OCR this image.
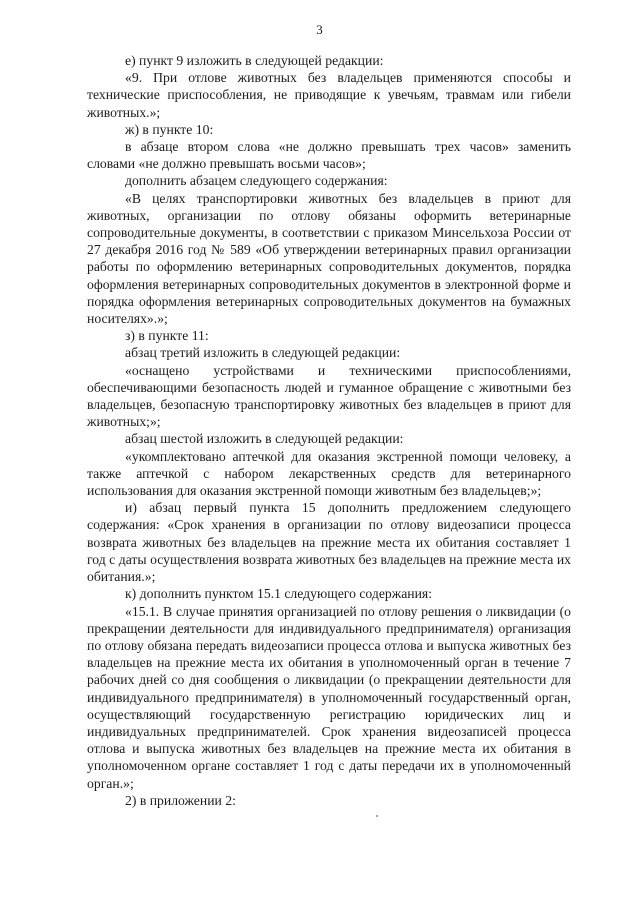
3

е) пункт 9 изложить в следующей редакции:

«9. При отлове животных без владельцев применяются способы и технические приспособления, не приводящие к увечьям, травмам или гибели животных.»;

ж) в пункте 10:

в абзаце втором слова «не должно превышать трех часов» заменить словами «не должно превышать восьми часов»;

дополнить абзацем следующего содержания:

«В целях транспортировки животных без владельцев в приют для животных, организации по отлову обязаны оформить ветеринарные сопроводительные документы, в соответствии с приказом Минсельхоза России от 27 декабря 2016 год № 589 «Об утверждении ветеринарных правил организации работы по оформлению ветеринарных сопроводительных документов, порядка оформления ветеринарных сопроводительных документов в электронной форме и порядка оформления ветеринарных сопроводительных документов на бумажных носителях».»;

з) в пункте 11:

абзац третий изложить в следующей редакции:

«оснащено устройствами и техническими приспособлениями, обеспечивающими безопасность людей и гуманное обращение с животными без владельцев, безопасную транспортировку животных без владельцев в приют для животных;»;

абзац шестой изложить в следующей редакции:

«укомплектовано аптечкой для оказания экстренной помощи человеку, а также аптечкой с набором лекарственных средств для ветеринарного использования для оказания экстренной помощи животным без владельцев;»;

и) абзац первый пункта 15 дополнить предложением следующего содержания: «Срок хранения в организации по отлову видеозаписи процесса возврата животных без владельцев на прежние места их обитания составляет 1 год с даты осуществления возврата животных без владельцев на прежние места их обитания.»;

к) дополнить пунктом 15.1 следующего содержания:

«15.1. В случае принятия организацией по отлову решения о ликвидации (о прекращении деятельности для индивидуального предпринимателя) организация по отлову обязана передать видеозаписи процесса отлова и выпуска животных без владельцев на прежние места их обитания в уполномоченный орган в течение 7 рабочих дней со дня сообщения о ликвидации (о прекращении деятельности для индивидуального предпринимателя) в уполномоченный государственный орган, осуществляющий государственную регистрацию юридических лиц и индивидуальных предпринимателей. Срок хранения видеозаписей процесса отлова и выпуска животных без владельцев на прежние места их обитания в уполномоченном органе составляет 1 год с даты передачи их в уполномоченный орган.»;

2) в приложении 2:
